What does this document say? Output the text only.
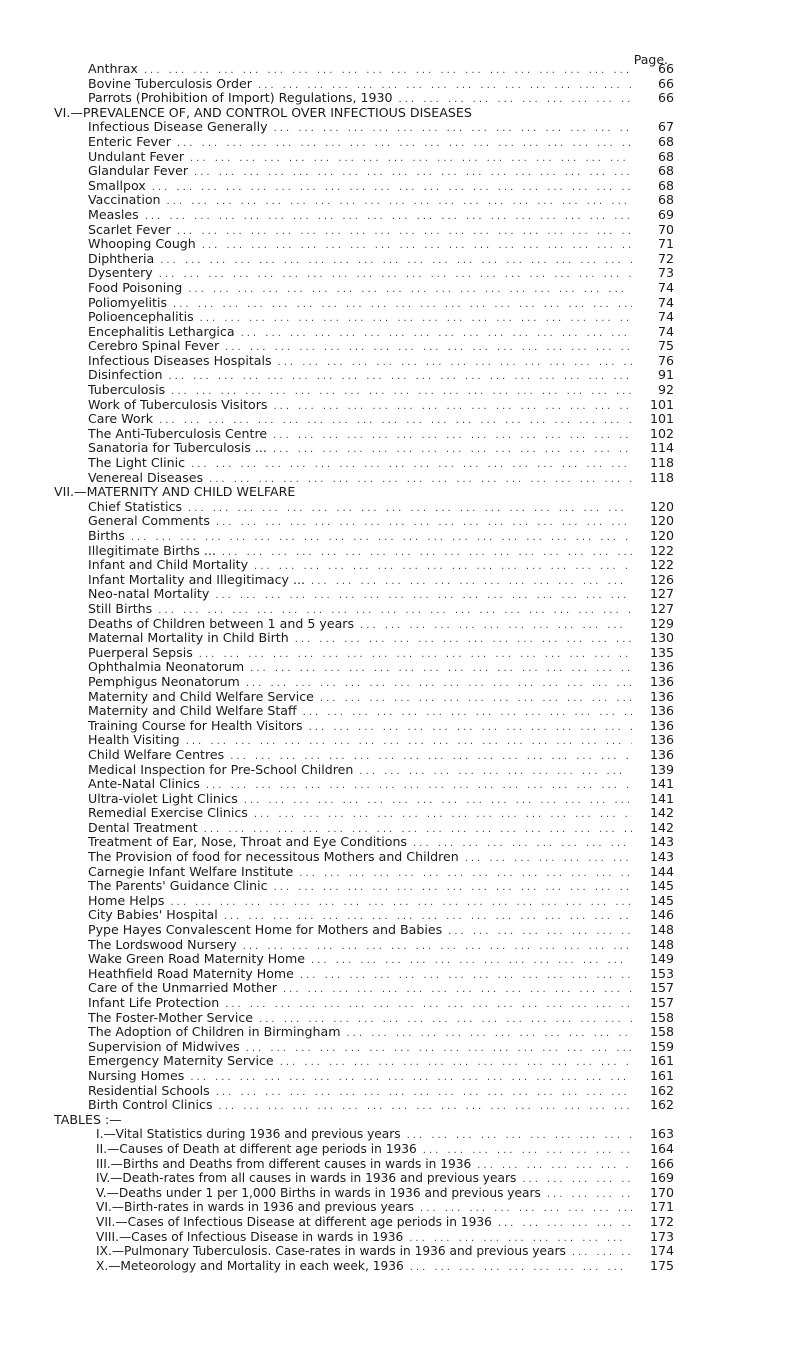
Page.
Anthrax ... .	66
Bovine Tuberculosis Order ... .	66
Parrots (Prohibition of Import) Regulations, 1930 ... .	66
VI.—PREVALENCE OF, AND CONTROL OVER INFECTIOUS DISEASES
Infectious Disease Generally ... .	67
Enteric Fever ... .	68
Undulant Fever ... .	68
Glandular Fever ... .	68
Smallpox ... .	68
Vaccination ... .	68
Measles ... .	69
Scarlet Fever ... .	70
Whooping Cough ... .	71
Diphtheria ... .	72
Dysentery ... .	73
Food Poisoning ... .	74
Poliomyelitis ... .	74
Polioencephalitis ... .	74
Encephalitis Lethargica ... .	74
Cerebro Spinal Fever ... .	75
Infectious Diseases Hospitals ... .	76
Disinfection ... .	91
Tuberculosis ... .	92
Work of Tuberculosis Visitors ... .	101
Care Work ... .	101
The Anti-Tuberculosis Centre ... .	102
Sanatoria for Tuberculosis ... ... .	114
The Light Clinic ... .	118
Venereal Diseases ... .	118
VII.—MATERNITY AND CHILD WELFARE
Chief Statistics ... .	120
General Comments ... .	120
Births ... .	120
Illegitimate Births ... ... .	122
Infant and Child Mortality ... .	122
Infant Mortality and Illegitimacy ... ... .	126
Neo-natal Mortality ... .	127
Still Births ... .	127
Deaths of Children between 1 and 5 years ... .	129
Maternal Mortality in Child Birth ... .	130
Puerperal Sepsis ... .	135
Ophthalmia Neonatorum ... .	136
Pemphigus Neonatorum ... .	136
Maternity and Child Welfare Service ... .	136
Maternity and Child Welfare Staff ... .	136
Training Course for Health Visitors ... .	136
Health Visiting ... .	136
Child Welfare Centres ... .	136
Medical Inspection for Pre-School Children ... .	139
Ante-Natal Clinics ... .	141
Ultra-violet Light Clinics ... .	141
Remedial Exercise Clinics ... .	142
Dental Treatment ... .	142
Treatment of Ear, Nose, Throat and Eye Conditions ... .	143
The Provision of food for necessitous Mothers and Children ... .	143
Carnegie Infant Welfare Institute ... .	144
The Parents' Guidance Clinic ... .	145
Home Helps ... .	145
City Babies' Hospital ... .	146
Pype Hayes Convalescent Home for Mothers and Babies ... .	148
The Lordswood Nursery ... .	148
Wake Green Road Maternity Home ... .	149
Heathfield Road Maternity Home ... .	153
Care of the Unmarried Mother ... .	157
Infant Life Protection ... .	157
The Foster-Mother Service ... .	158
The Adoption of Children in Birmingham ... .	158
Supervision of Midwives ... .	159
Emergency Maternity Service ... .	161
Nursing Homes ... .	161
Residential Schools ... .	162
Birth Control Clinics ... .	162
TABLES :—
I.—Vital Statistics during 1936 and previous years ... .	163
II.—Causes of Death at different age periods in 1936 ... .	164
III.—Births and Deaths from different causes in wards in 1936 ... .	166
IV.—Death-rates from all causes in wards in 1936 and previous years ... .	169
V.—Deaths under 1 per 1,000 Births in wards in 1936 and previous years ... .	170
VI.—Birth-rates in wards in 1936 and previous years ... .	171
VII.—Cases of Infectious Disease at different age periods in 1936 ... .	172
VIII.—Cases of Infectious Disease in wards in 1936 ... .	173
IX.—Pulmonary Tuberculosis. Case-rates in wards in 1936 and previous years ... .	174
X.—Meteorology and Mortality in each week, 1936 ... .	175
